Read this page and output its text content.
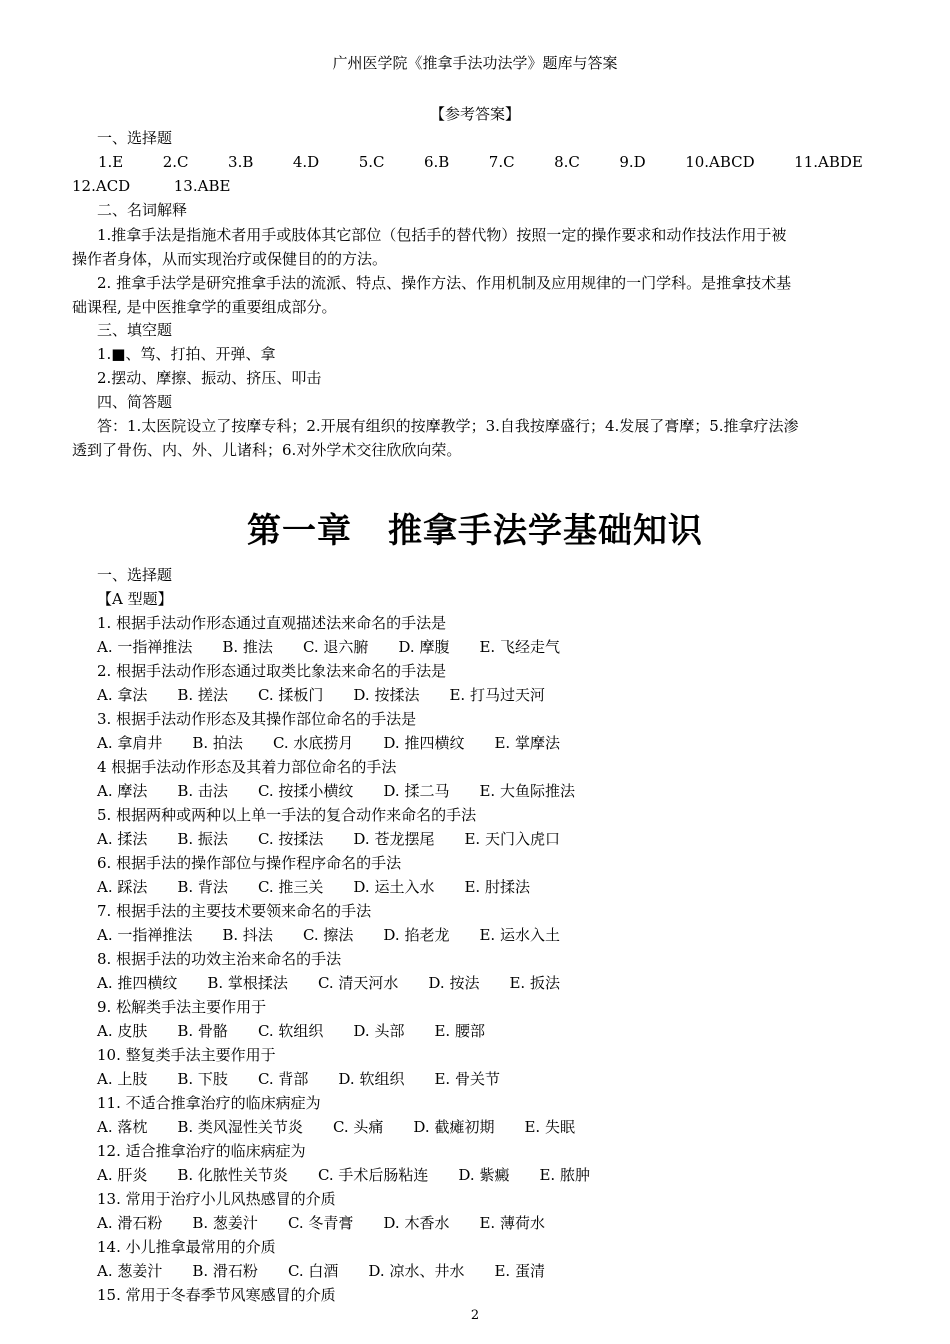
广州医学院《推拿手法功法学》题库与答案
【参考答案】
一、选择题
1.E	2.C	3.B	4.D	5.C	6.B	7.C	8.C	9.D	10.ABCD	11.ABDE
12.ACD	13.ABE
二、名词解释
1.推拿手法是指施术者用手或肢体其它部位（包括手的替代物）按照一定的操作要求和动作技法作用于被
操作者身体，从而实现治疗或保健目的的方法。
2. 推拿手法学是研究推拿手法的流派、特点、操作方法、作用机制及应用规律的一门学科。是推拿技术基
础课程, 是中医推拿学的重要组成部分。
三、填空题
1.■、笃、打拍、开弹、拿
2.摆动、摩擦、振动、挤压、叩击
四、简答题
答：1.太医院设立了按摩专科；2.开展有组织的按摩教学；3.自我按摩盛行；4.发展了膏摩；5.推拿疗法渗
透到了骨伤、内、外、儿诸科；6.对外学术交往欣欣向荣。
第一章 推拿手法学基础知识
一、选择题
【A 型题】
1. 根据手法动作形态通过直观描述法来命名的手法是
A. 一指禅推法 B. 推法 C. 退六腑 D. 摩腹 E. 飞经走气
2. 根据手法动作形态通过取类比象法来命名的手法是
A. 拿法 B. 搓法 C. 揉板门 D. 按揉法 E. 打马过天河
3. 根据手法动作形态及其操作部位命名的手法是
A. 拿肩井 B. 拍法 C. 水底捞月 D. 推四横纹 E. 掌摩法
4 根据手法动作形态及其着力部位命名的手法
A. 摩法 B. 击法 C. 按揉小横纹 D. 揉二马 E. 大鱼际推法
5. 根据两种或两种以上单一手法的复合动作来命名的手法
A. 揉法 B. 振法 C. 按揉法 D. 苍龙摆尾 E. 天门入虎口
6. 根据手法的操作部位与操作程序命名的手法
A. 踩法 B. 背法 C. 推三关 D. 运土入水 E. 肘揉法
7. 根据手法的主要技术要领来命名的手法
A. 一指禅推法 B. 抖法 C. 擦法 D. 掐老龙 E. 运水入土
8. 根据手法的功效主治来命名的手法
A. 推四横纹 B. 掌根揉法 C. 清天河水 D. 按法 E. 扳法
9. 松解类手法主要作用于
A. 皮肤 B. 骨骼 C. 软组织 D. 头部 E. 腰部
10. 整复类手法主要作用于
A. 上肢 B. 下肢 C. 背部 D. 软组织 E. 骨关节
11. 不适合推拿治疗的临床病症为
A. 落枕 B. 类风湿性关节炎 C. 头痛 D. 截瘫初期 E. 失眠
12. 适合推拿治疗的临床病症为
A. 肝炎 B. 化脓性关节炎 C. 手术后肠粘连 D. 紫癜 E. 脓肿
13. 常用于治疗小儿风热感冒的介质
A. 滑石粉 B. 葱姜汁 C. 冬青膏 D. 木香水 E. 薄荷水
14. 小儿推拿最常用的介质
A. 葱姜汁 B. 滑石粉 C. 白酒 D. 凉水、井水 E. 蛋清
15. 常用于冬春季节风寒感冒的介质
2
